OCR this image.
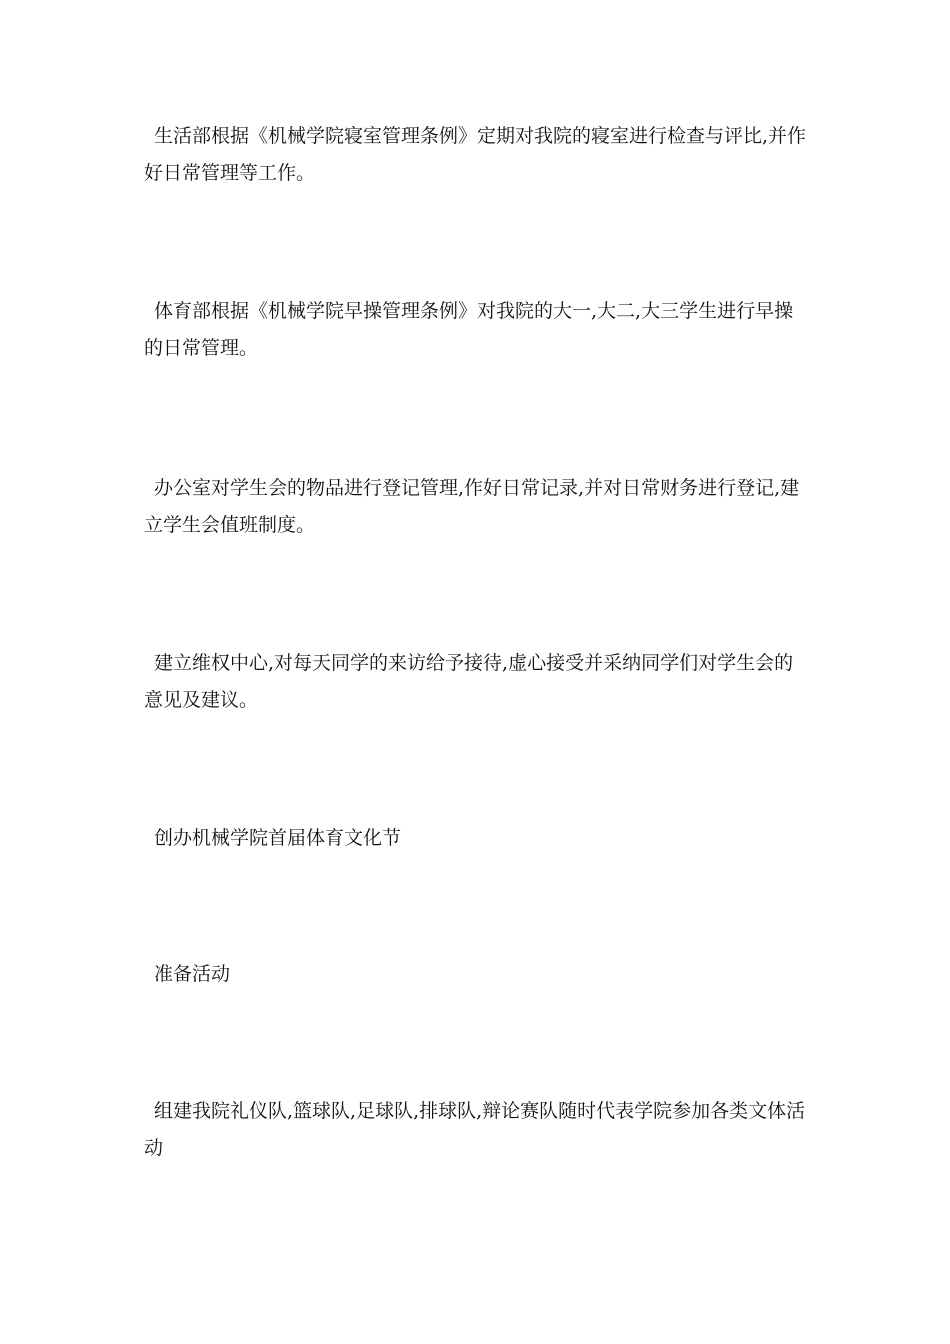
生活部根据《机械学院寝室管理条例》定期对我院的寝室进行检查与评比,并作好日常管理等工作。

体育部根据《机械学院早操管理条例》对我院的大一,大二,大三学生进行早操的日常管理。

办公室对学生会的物品进行登记管理,作好日常记录,并对日常财务进行登记,建立学生会值班制度。

建立维权中心,对每天同学的来访给予接待,虚心接受并采纳同学们对学生会的意见及建议。

创办机械学院首届体育文化节

准备活动

组建我院礼仪队,篮球队,足球队,排球队,辩论赛队随时代表学院参加各类文体活动
